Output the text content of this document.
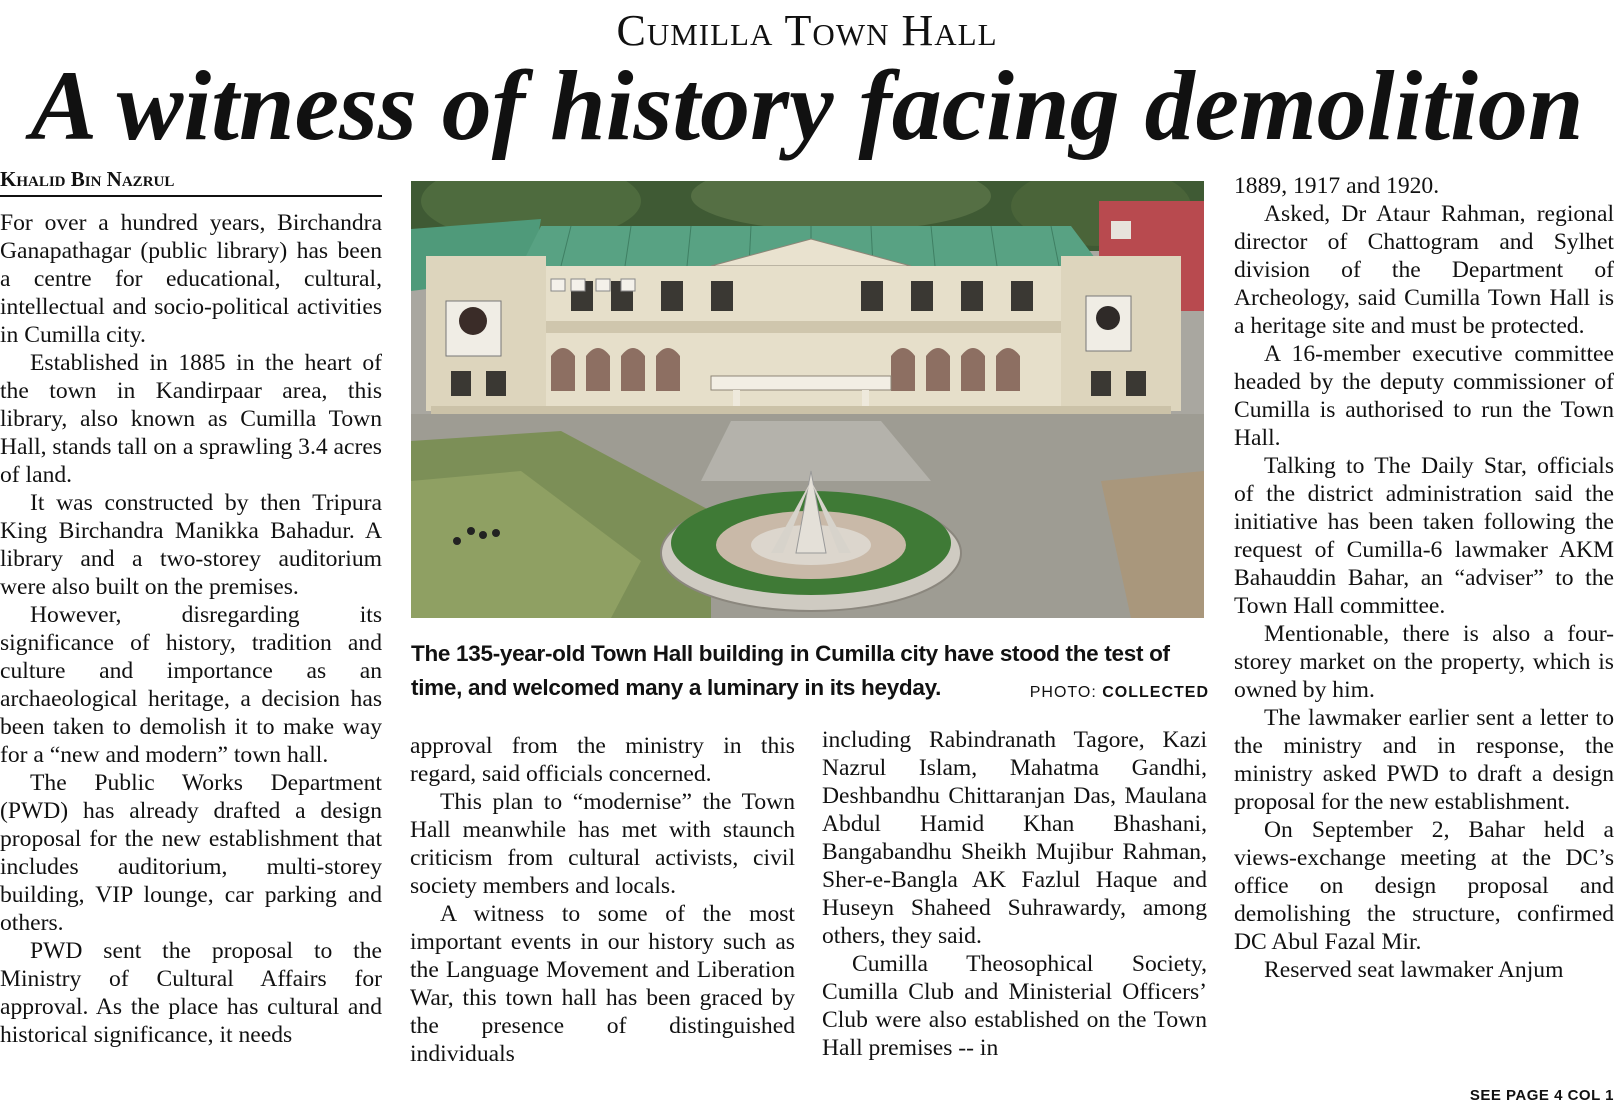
Cumilla Town Hall
A witness of history facing demolition
Khalid Bin Nazrul

For over a hundred years, Birchandra Ganapathagar (public library) has been a centre for educational, cultural, intellectual and socio-political activities in Cumilla city.

Established in 1885 in the heart of the town in Kandirpaar area, this library, also known as Cumilla Town Hall, stands tall on a sprawling 3.4 acres of land.

It was constructed by then Tripura King Birchandra Manikka Bahadur. A library and a two-storey auditorium were also built on the premises.

However, disregarding its significance of history, tradition and culture and importance as an archaeological heritage, a decision has been taken to demolish it to make way for a “new and modern” town hall.

The Public Works Department (PWD) has already drafted a design proposal for the new establishment that includes auditorium, multi-storey building, VIP lounge, car parking and others.

PWD sent the proposal to the Ministry of Cultural Affairs for approval. As the place has cultural and historical significance, it needs

The 135-year-old Town Hall building in Cumilla city have stood the test of time, and welcomed many a luminary in its heyday.	PHOTO: COLLECTED

approval from the ministry in this regard, said officials concerned.

This plan to “modernise” the Town Hall meanwhile has met with staunch criticism from cultural activists, civil society members and locals.

A witness to some of the most important events in our history such as the Language Movement and Liberation War, this town hall has been graced by the presence of distinguished individuals

including Rabindranath Tagore, Kazi Nazrul Islam, Mahatma Gandhi, Deshbandhu Chittaranjan Das, Maulana Abdul Hamid Khan Bhashani, Bangabandhu Sheikh Mujibur Rahman, Sher-e-Bangla AK Fazlul Haque and Huseyn Shaheed Suhrawardy, among others, they said.

Cumilla Theosophical Society, Cumilla Club and Ministerial Officers’ Club were also established on the Town Hall premises -- in

1889, 1917 and 1920.

Asked, Dr Ataur Rahman, regional director of Chattogram and Sylhet division of the Department of Archeology, said Cumilla Town Hall is a heritage site and must be protected.

A 16-member executive committee headed by the deputy commissioner of Cumilla is authorised to run the Town Hall.

Talking to The Daily Star, officials of the district administration said the initiative has been taken following the request of Cumilla-6 lawmaker AKM Bahauddin Bahar, an “adviser” to the Town Hall committee.

Mentionable, there is also a four-storey market on the property, which is owned by him.

The lawmaker earlier sent a letter to the ministry and in response, the ministry asked PWD to draft a design proposal for the new establishment.

On September 2, Bahar held a views-exchange meeting at the DC’s office on design proposal and demolishing the structure, confirmed DC Abul Fazal Mir.

Reserved seat lawmaker Anjum

SEE PAGE 4 COL 1
